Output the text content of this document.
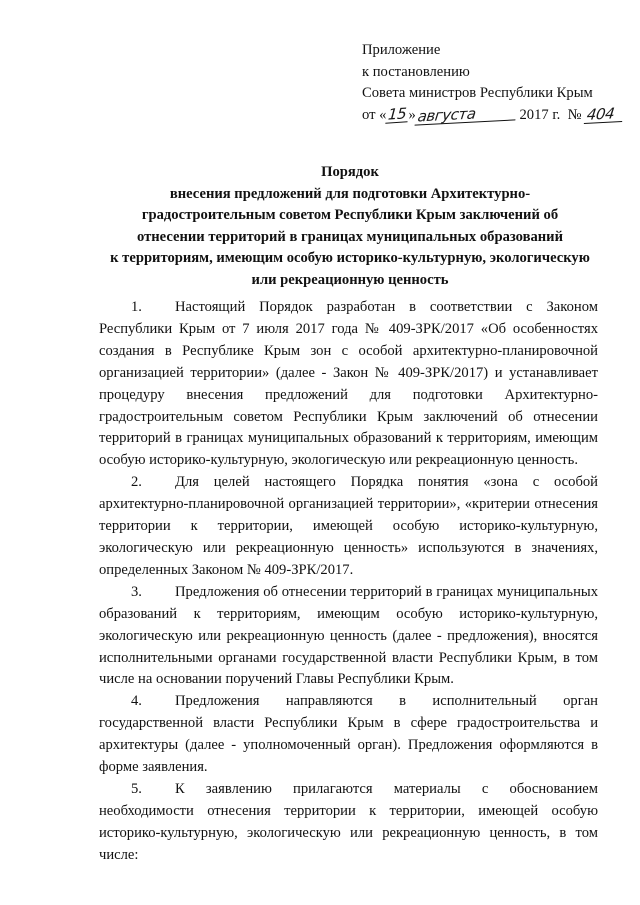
Приложение
к постановлению
Совета министров Республики Крым
от «15»августа	2017 г. № 404
Порядок
внесения предложений для подготовки Архитектурно-
градостроительным советом Республики Крым заключений об
отнесении территорий в границах муниципальных образований
к территориям, имеющим особую историко-культурную, экологическую
или рекреационную ценность

1. Настоящий Порядок разработан в соответствии с Законом Республики Крым от 7 июля 2017 года № 409-ЗРК/2017 «Об особенностях создания в Республике Крым зон с особой архитектурно-планировочной организацией территории» (далее - Закон № 409-ЗРК/2017) и устанавливает процедуру внесения предложений для подготовки Архитектурно-градостроительным советом Республики Крым заключений об отнесении территорий в границах муниципальных образований к территориям, имеющим особую историко-культурную, экологическую или рекреационную ценность.

2. Для целей настоящего Порядка понятия «зона с особой архитектурно-планировочной организацией территории», «критерии отнесения территории к территории, имеющей особую историко-культурную, экологическую или рекреационную ценность» используются в значениях, определенных Законом № 409-ЗРК/2017.

3. Предложения об отнесении территорий в границах муниципальных образований к территориям, имеющим особую историко-культурную, экологическую или рекреационную ценность (далее - предложения), вносятся исполнительными органами государственной власти Республики Крым, в том числе на основании поручений Главы Республики Крым.

4. Предложения направляются в исполнительный орган государственной власти Республики Крым в сфере градостроительства и архитектуры (далее - уполномоченный орган). Предложения оформляются в форме заявления.

5. К заявлению прилагаются материалы с обоснованием необходимости отнесения территории к территории, имеющей особую историко-культурную, экологическую или рекреационную ценность, в том числе:
